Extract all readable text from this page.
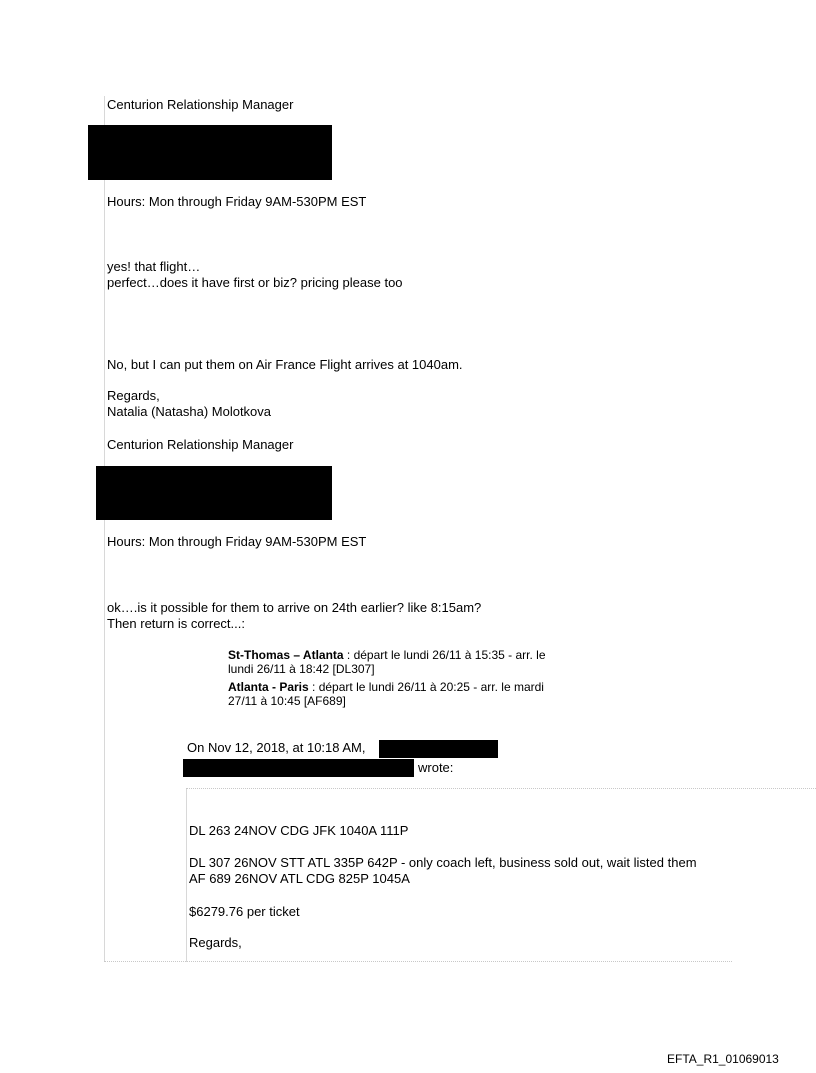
Centurion Relationship Manager
Hours: Mon through Friday 9AM-530PM EST
yes! that flight…
perfect…does it have first or biz? pricing please too
No, but I can put them on Air France Flight arrives at 1040am.
Regards,
Natalia (Natasha) Molotkova
Centurion Relationship Manager
Hours: Mon through Friday 9AM-530PM EST
ok….is it possible for them to arrive on 24th earlier? like 8:15am?
Then return is correct...:
St-Thomas – Atlanta : départ le lundi 26/11 à 15:35 - arr. le
lundi 26/11 à 18:42 [DL307]
Atlanta - Paris : départ le lundi 26/11 à 20:25 - arr. le mardi
27/11 à 10:45 [AF689]
On Nov 12, 2018, at 10:18 AM,
wrote:
DL 263 24NOV CDG JFK 1040A 111P
DL 307 26NOV STT ATL 335P 642P - only coach left, business sold out, wait listed them
AF 689 26NOV ATL CDG 825P 1045A
$6279.76 per ticket
Regards,
EFTA_R1_01069013
